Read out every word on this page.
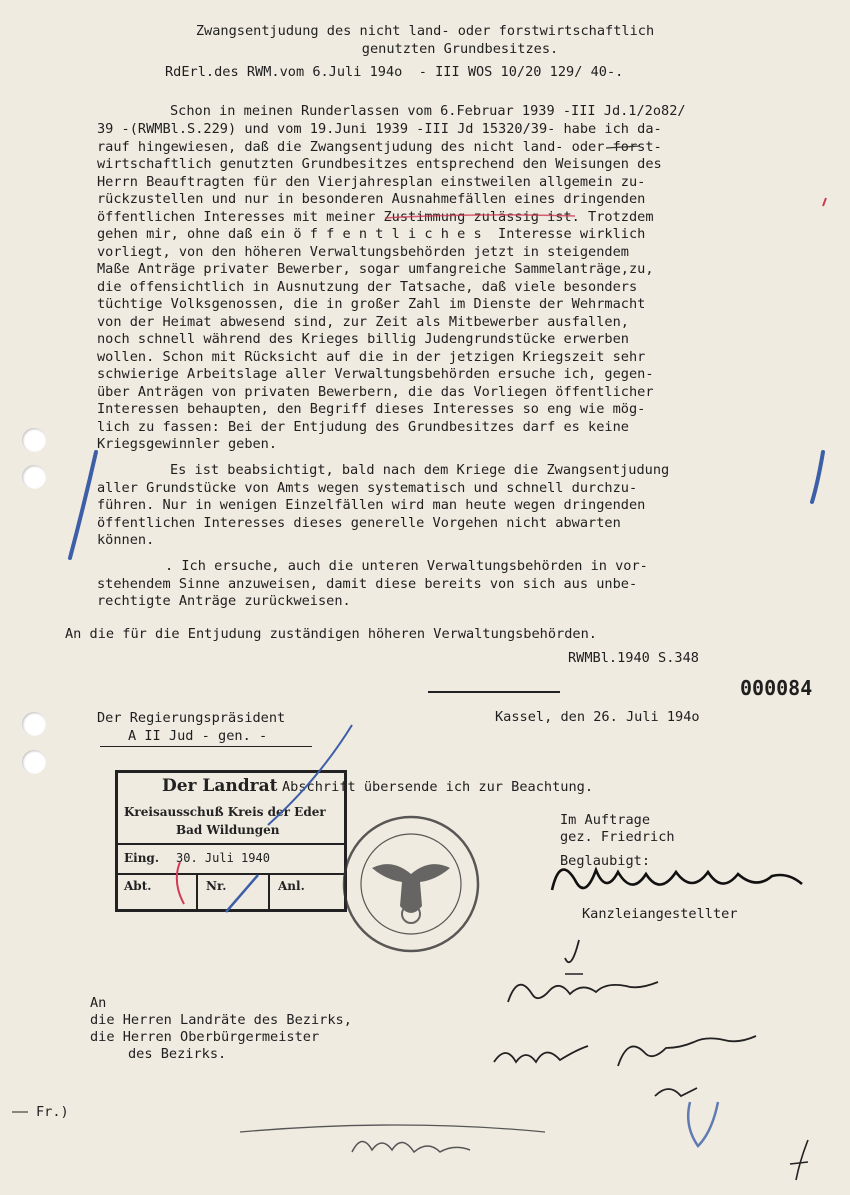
Zwangsentjudung des nicht land- oder forstwirtschaftlich
genutzten Grundbesitzes.
RdErl.des RWM.vom 6.Juli 194o  - III WOS 10/20 129/ 40-.
Schon in meinen Runderlassen vom 6.Februar 1939 -III Jd.1/2o82/
39 -(RWMBl.S.229) und vom 19.Juni 1939 -III Jd 15320/39- habe ich da-
rauf hingewiesen, daß die Zwangsentjudung des nicht land- oder forst-
wirtschaftlich genutzten Grundbesitzes entsprechend den Weisungen des
Herrn Beauftragten für den Vierjahresplan einstweilen allgemein zu-
rückzustellen und nur in besonderen Ausnahmefällen eines dringenden
öffentlichen Interesses mit meiner Zustimmung zulässig ist. Trotzdem
gehen mir, ohne daß ein ö f f e n t l i c h e s  Interesse wirklich
vorliegt, von den höheren Verwaltungsbehörden jetzt in steigendem
Maße Anträge privater Bewerber, sogar umfangreiche Sammelanträge,zu,
die offensichtlich in Ausnutzung der Tatsache, daß viele besonders
tüchtige Volksgenossen, die in großer Zahl im Dienste der Wehrmacht
von der Heimat abwesend sind, zur Zeit als Mitbewerber ausfallen,
noch schnell während des Krieges billig Judengrundstücke erwerben
wollen. Schon mit Rücksicht auf die in der jetzigen Kriegszeit sehr
schwierige Arbeitslage aller Verwaltungsbehörden ersuche ich, gegen-
über Anträgen von privaten Bewerbern, die das Vorliegen öffentlicher
Interessen behaupten, den Begriff dieses Interesses so eng wie mög-
lich zu fassen: Bei der Entjudung des Grundbesitzes darf es keine
Kriegsgewinnler geben.
Es ist beabsichtigt, bald nach dem Kriege die Zwangsentjudung
aller Grundstücke von Amts wegen systematisch und schnell durchzu-
führen. Nur in wenigen Einzelfällen wird man heute wegen dringenden
öffentlichen Interesses dieses generelle Vorgehen nicht abwarten
können.
. Ich ersuche, auch die unteren Verwaltungsbehörden in vor-
stehendem Sinne anzuweisen, damit diese bereits von sich aus unbe-
rechtigte Anträge zurückweisen.
An die für die Entjudung zuständigen höheren Verwaltungsbehörden.
RWMBl.1940 S.348
000084
Der Regierungspräsident
A II Jud - gen. -
Kassel, den 26. Juli 194o
Abschrift übersende ich zur Beachtung.
Im Auftrage
gez. Friedrich
Beglaubigt:
Kanzleiangestellter
An
die Herren Landräte des Bezirks,
die Herren Oberbürgermeister
des Bezirks.
Fr.)
Der Landrat
Kreisausschuß Kreis der Eder
Bad Wildungen
Eing. 30. Juli 1940
Abt.	Nr.	Anl.
